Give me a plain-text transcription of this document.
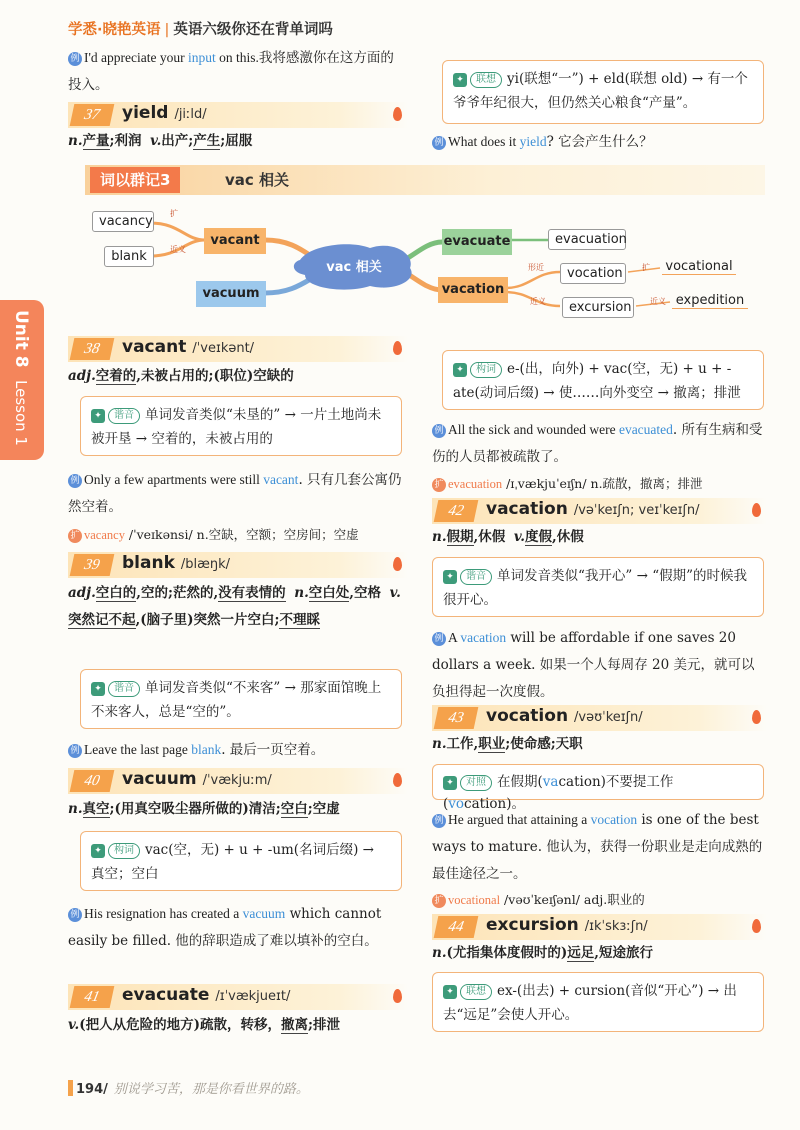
学悉·晓艳英语 | 英语六级你还在背单词吗
Unit 8
Lesson 1
例 I'd appreciate your input on this.我将感激你在这方面的投入。
37	yield /jiːld/
n.产量;利润 v.出产;产生;屈服
✦ 联想 yi(联想“一”) + eld(联想 old) → 有一个爷爷年纪很大，但仍然关心粮食“产量”。
例 What does it yield? 它会产生什么？
词以群记3	vac 相关
vacancy
扩
blank	近义
vacant
vacuum
vac 相关
evacuate	evacuation
vacation
形近
近义
vocation	扩 vocational
excursion	近义 expedition
38	vacant /ˈveɪkənt/
adj.空着的,未被占用的;(职位)空缺的
✦ 谐音 单词发音类似“未垦的” → 一片土地尚未被开垦 → 空着的，未被占用的
例 Only a few apartments were still vacant. 只有几套公寓仍然空着。
扩 vacancy /ˈveɪkənsi/ n.空缺，空额；空房间；空虚
39	blank /blæŋk/
adj.空白的,空的;茫然的,没有表情的 n.空白处,空格 v.突然记不起,(脑子里)突然一片空白;不理睬
✦ 谐音 单词发音类似“不来客” → 那家面馆晚上不来客人，总是“空的”。
例 Leave the last page blank. 最后一页空着。
40	vacuum /ˈvækjuːm/
n.真空;(用真空吸尘器所做的)清洁;空白;空虚
✦ 构词 vac(空，无) + u + -um(名词后缀) → 真空；空白
例 His resignation has created a vacuum which cannot easily be filled. 他的辞职造成了难以填补的空白。
41	evacuate /ɪˈvækjueɪt/
v.(把人从危险的地方)疏散，转移，撤离;排泄
✦ 构词 e-(出，向外) + vac(空，无) + u + -ate(动词后缀) → 使……向外变空 → 撤离；排泄
例 All the sick and wounded were evacuated. 所有生病和受伤的人员都被疏散了。
扩 evacuation /ɪˌvækjuˈeɪʃn/ n.疏散，撤离；排泄
42	vacation /vəˈkeɪʃn; veɪˈkeɪʃn/
n.假期,休假 v.度假,休假
✦ 谐音 单词发音类似“我开心” → “假期”的时候我很开心。
例 A vacation will be affordable if one saves 20 dollars a week. 如果一个人每周存 20 美元，就可以负担得起一次度假。
43	vocation /vəʊˈkeɪʃn/
n.工作,职业;使命感;天职
✦ 对照 在假期(vacation)不要提工作(vocation)。
例 He argued that attaining a vocation is one of the best ways to mature. 他认为，获得一份职业是走向成熟的最佳途径之一。
扩 vocational /vəʊˈkeɪʃənl/ adj.职业的
44	excursion /ɪkˈskɜːʃn/
n.(尤指集体度假时的)远足,短途旅行
✦ 联想 ex-(出去) + cursion(音似“开心”) → 出去“远足”会使人开心。
194/ 别说学习苦，那是你看世界的路。
